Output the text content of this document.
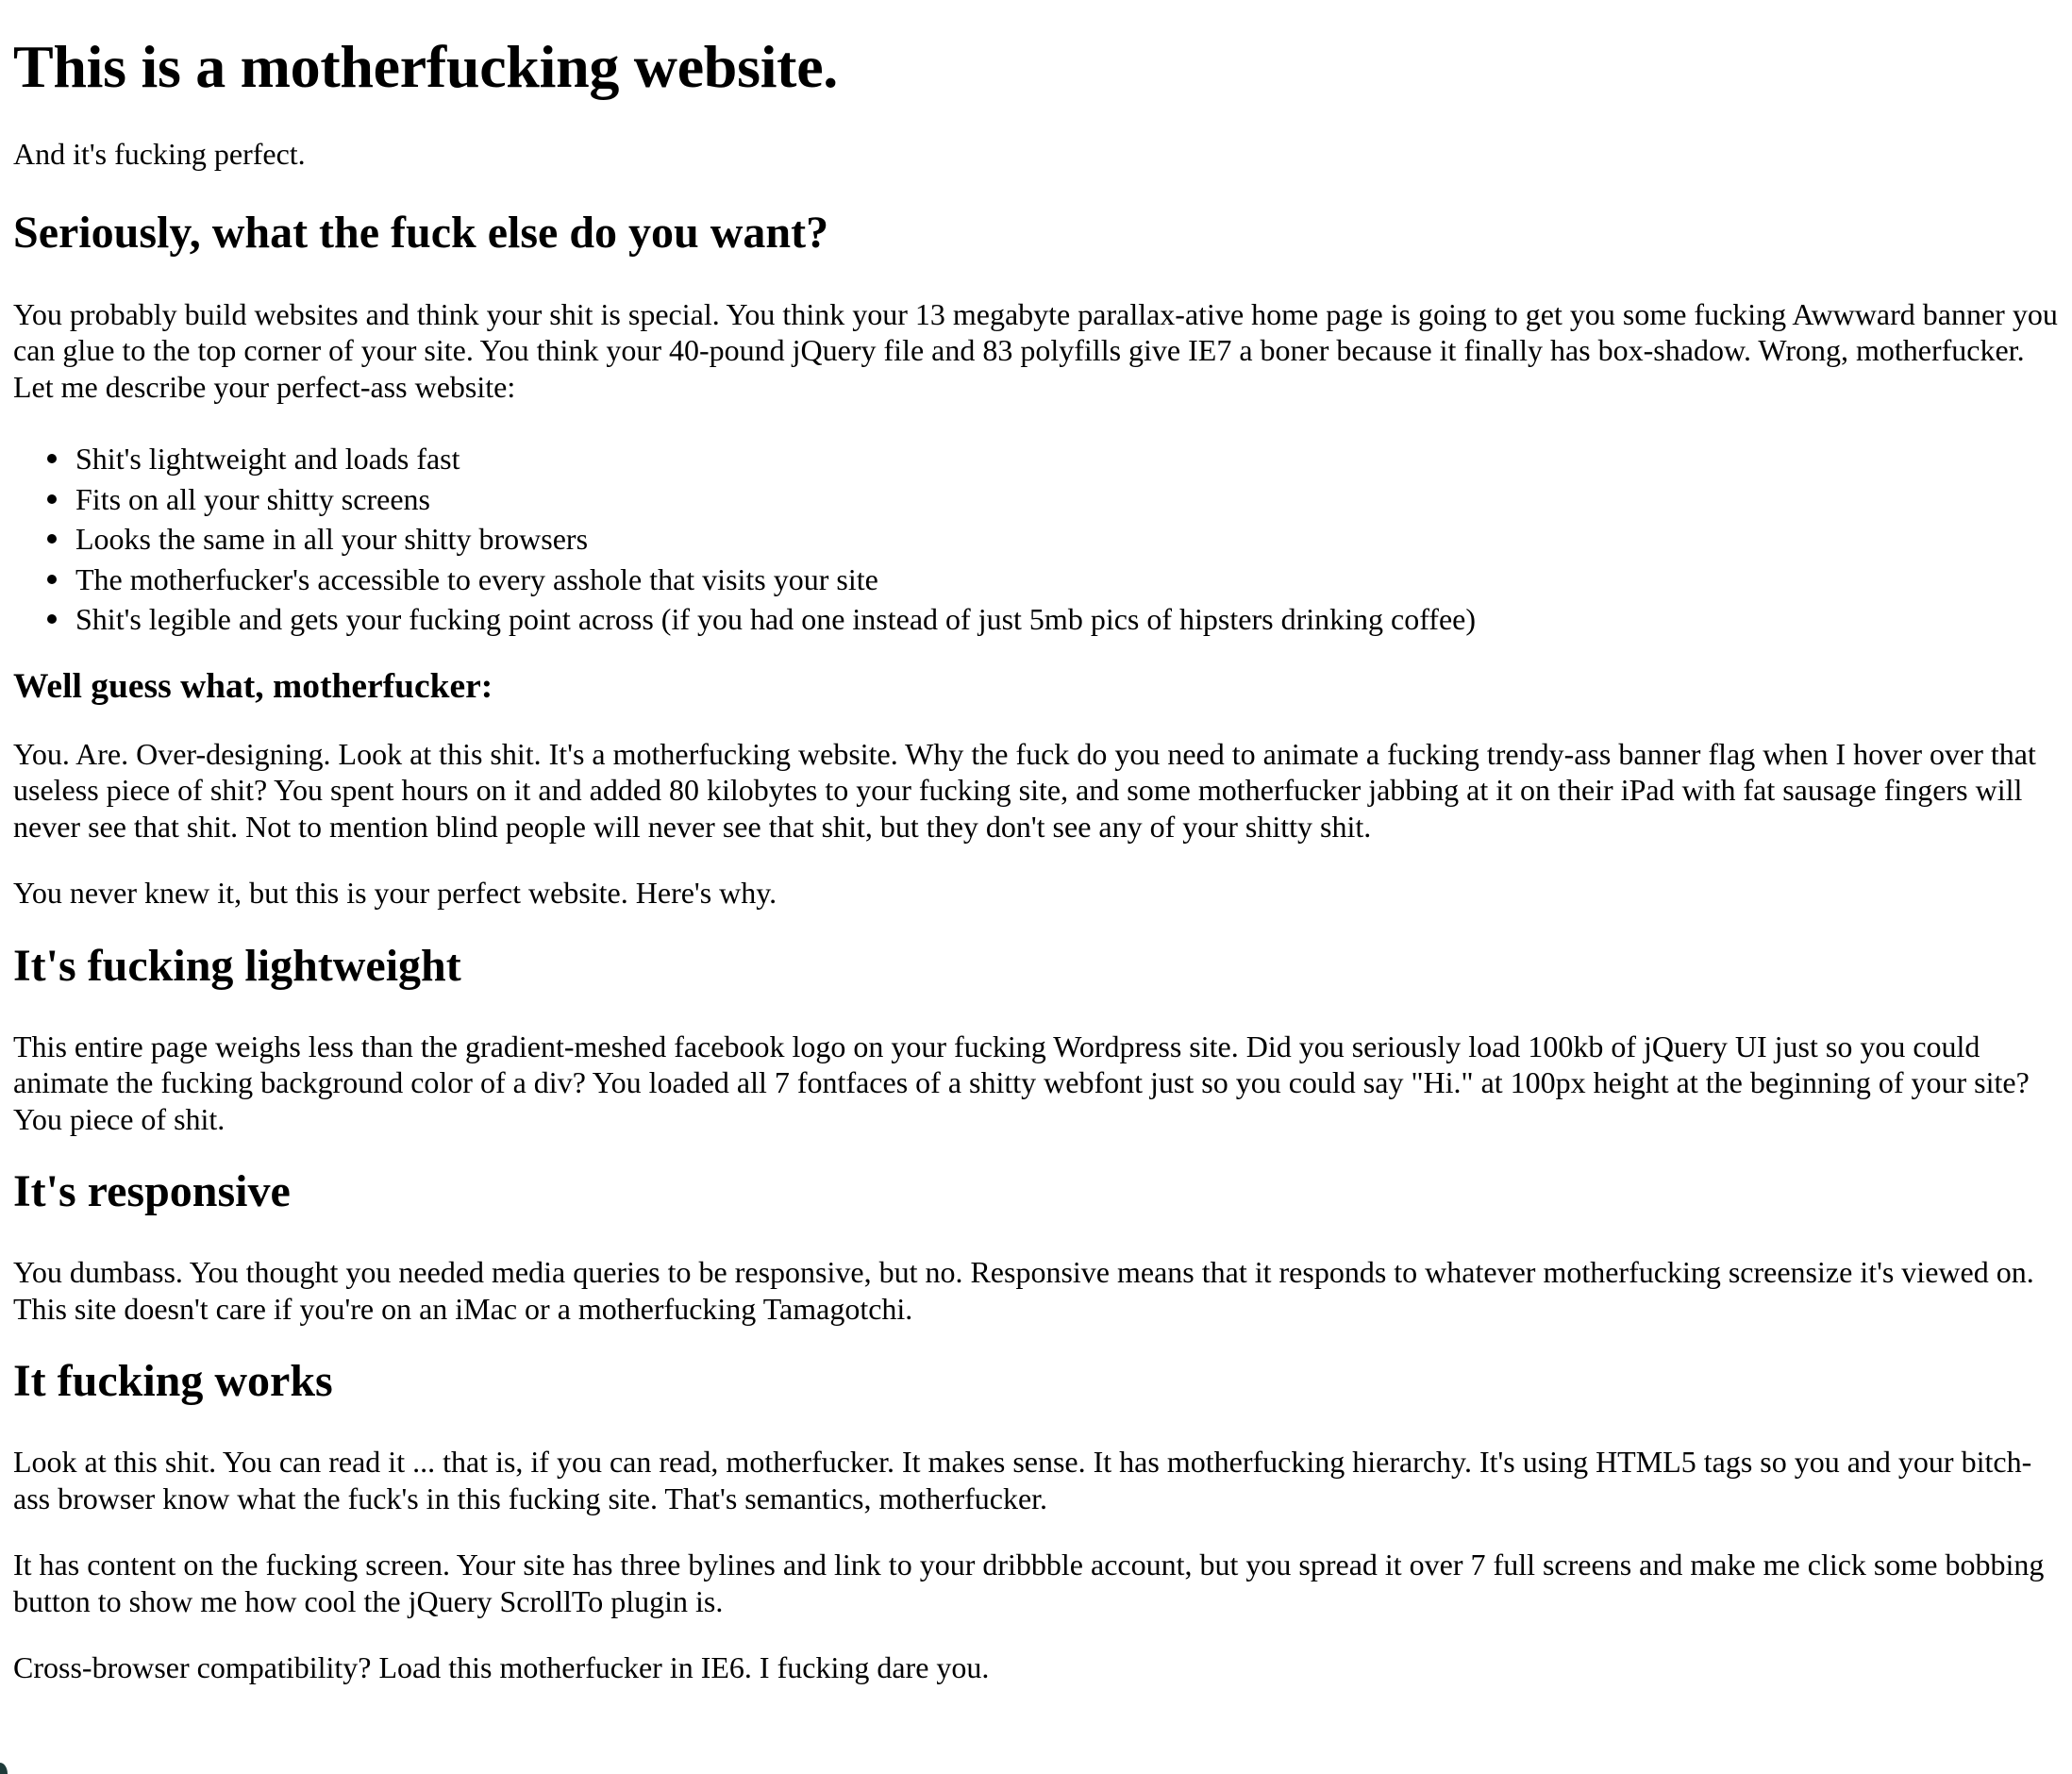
This is a motherfucking website.

And it's fucking perfect.

Seriously, what the fuck else do you want?

You probably build websites and think your shit is special. You think your 13 megabyte parallax-ative home page is going to get you some fucking Awwward banner you
can glue to the top corner of your site. You think your 40-pound jQuery file and 83 polyfills give IE7 a boner because it finally has box-shadow. Wrong, motherfucker.
Let me describe your perfect-ass website:

Shit's lightweight and loads fast
Fits on all your shitty screens
Looks the same in all your shitty browsers
The motherfucker's accessible to every asshole that visits your site
Shit's legible and gets your fucking point across (if you had one instead of just 5mb pics of hipsters drinking coffee)
Well guess what, motherfucker:

You. Are. Over-designing. Look at this shit. It's a motherfucking website. Why the fuck do you need to animate a fucking trendy-ass banner flag when I hover over that
useless piece of shit? You spent hours on it and added 80 kilobytes to your fucking site, and some motherfucker jabbing at it on their iPad with fat sausage fingers will
never see that shit. Not to mention blind people will never see that shit, but they don't see any of your shitty shit.

You never knew it, but this is your perfect website. Here's why.

It's fucking lightweight

This entire page weighs less than the gradient-meshed facebook logo on your fucking Wordpress site. Did you seriously load 100kb of jQuery UI just so you could
animate the fucking background color of a div? You loaded all 7 fontfaces of a shitty webfont just so you could say "Hi." at 100px height at the beginning of your site?
You piece of shit.

It's responsive

You dumbass. You thought you needed media queries to be responsive, but no. Responsive means that it responds to whatever motherfucking screensize it's viewed on.
This site doesn't care if you're on an iMac or a motherfucking Tamagotchi.

It fucking works

Look at this shit. You can read it ... that is, if you can read, motherfucker. It makes sense. It has motherfucking hierarchy. It's using HTML5 tags so you and your bitch-
ass browser know what the fuck's in this fucking site. That's semantics, motherfucker.

It has content on the fucking screen. Your site has three bylines and link to your dribbble account, but you spread it over 7 full screens and make me click some bobbing
button to show me how cool the jQuery ScrollTo plugin is.

Cross-browser compatibility? Load this motherfucker in IE6. I fucking dare you.
